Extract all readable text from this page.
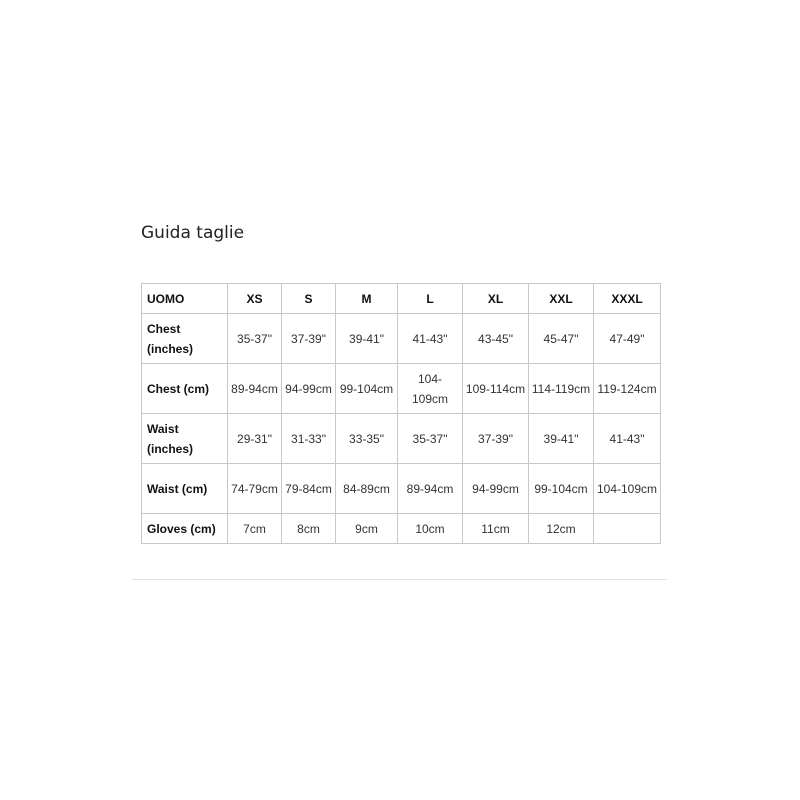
Guida taglie
UOMO	XS	S	M	L	XL	XXL	XXXL
Chest (inches)	35-37"	37-39"	39-41"	41-43"	43-45"	45-47"	47-49"
Chest (cm)	89-94cm	94-99cm	99-104cm	104-109cm	109-114cm	114-119cm	119-124cm
Waist (inches)	29-31"	31-33"	33-35"	35-37"	37-39"	39-41"	41-43"
Waist (cm)	74-79cm	79-84cm	84-89cm	89-94cm	94-99cm	99-104cm	104-109cm
Gloves (cm)	7cm	8cm	9cm	10cm	11cm	12cm	
